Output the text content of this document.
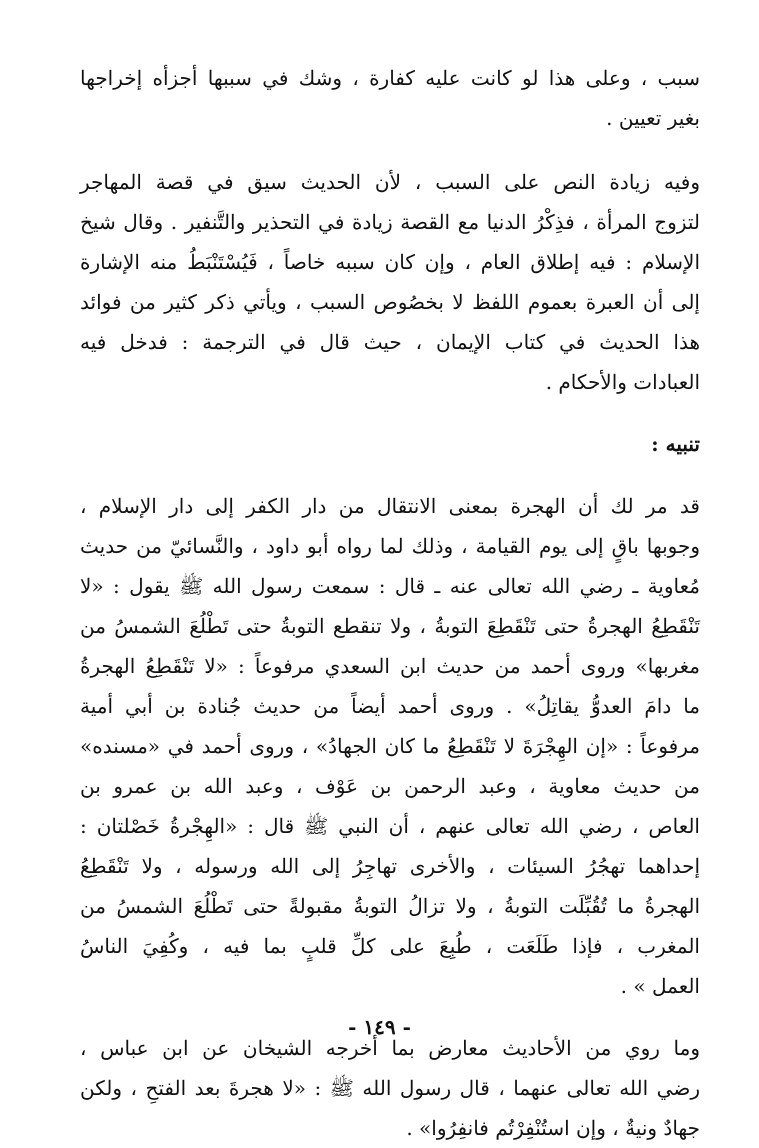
سبب ، وعلى هذا لو كانت عليه كفارة ، وشك في سببها أجزأه إخراجها
بغير تعيين .

وفيه زيادة النص على السبب ، لأن الحديث سيق في قصة المهاجر
لتزوج المرأة ، فذِكْرُ الدنيا مع القصة زيادة في التحذير والتَّنفير . وقال شيخ
الإسلام : فيه إطلاق العام ، وإن كان سببه خاصاً ، فَيُسْتَنْبَطُ منه الإشارة
إلى أن العبرة بعموم اللفظ لا بخصُوص السبب ، ويأتي ذكر كثير من فوائد
هذا الحديث في كتاب الإيمان ، حيث قال في الترجمة : فدخل فيه
العبادات والأحكام .

تنبيه :

قد مر لك أن الهجرة بمعنى الانتقال من دار الكفر إلى دار الإسلام ،
وجوبها باقٍ إلى يوم القيامة ، وذلك لما رواه أبو داود ، والنَّسائيّ من حديث
مُعاوية ـ رضي الله تعالى عنه ـ قال : سمعت رسول الله ﷺ يقول : «لا
تَنْقَطِعُ الهجرةُ حتى تَنْقَطِعَ التوبةُ ، ولا تنقطع التوبةُ حتى تَطْلُعَ الشمسُ من
مغربها» وروى أحمد من حديث ابن السعدي مرفوعاً : «لا تَنْقَطِعُ الهجرةُ
ما دامَ العدوُّ يقاتِلُ» . وروى أحمد أيضاً من حديث جُنادة بن أبي أمية
مرفوعاً : «إن الهِجْرَةَ لا تَنْقَطِعُ ما كان الجهادُ» ، وروى أحمد في «مسنده»
من حديث معاوية ، وعبد الرحمن بن عَوْف ، وعبد الله بن عمرو بن
العاص ، رضي الله تعالى عنهم ، أن النبي ﷺ قال : «الهِجْرةُ خَصْلتان :
إحداهما تهجُرُ السيئات ، والأخرى تهاجِرُ إلى الله ورسوله ، ولا تَنْقَطِعُ
الهجرةُ ما تُقُبِّلَت التوبةُ ، ولا تزالُ التوبةُ مقبولةً حتى تَطْلُعَ الشمسُ من
المغرب ، فإذا طَلَعَت ، طُبِعَ على كلِّ قلبٍ بما فيه ، وكُفِيَ الناسُ
العمل » .

وما روي من الأحاديث معارض بما أخرجه الشيخان عن ابن عباس ،
رضي الله تعالى عنهما ، قال رسول الله ﷺ : «لا هجرةَ بعد الفتحِ ، ولكن
جهادٌ ونيةٌ ، وإن استُنْفِرْتُم فانفِرُوا» .

- ١٤٩ -
